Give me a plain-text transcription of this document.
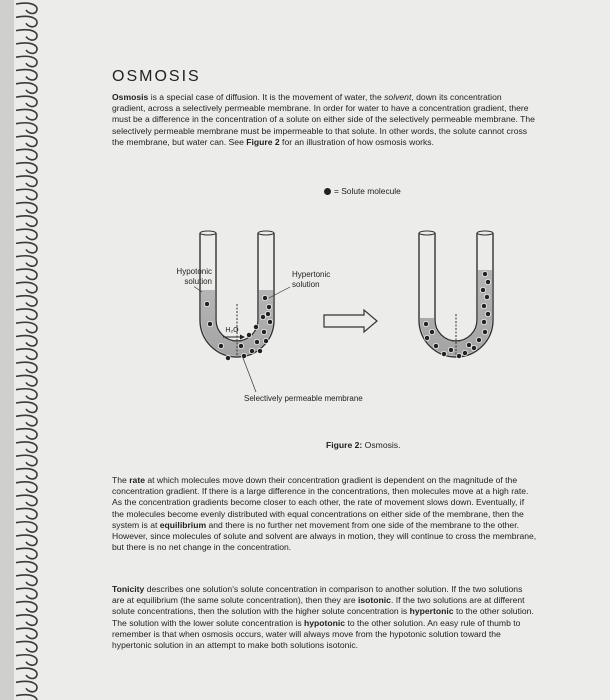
OSMOSIS
Osmosis is a special case of diffusion. It is the movement of water, the solvent, down its concentration gradient, across a selectively permeable membrane. In order for water to have a concentration gradient, there must be a difference in the concentration of a solute on either side of the selectively permeable membrane. The selectively permeable membrane must be impermeable to that solute. In other words, the solute cannot cross the membrane, but water can. See Figure 2 for an illustration of how osmosis works.
= Solute molecule
H₂O
Hypotonic
solution
Hypertonic
solution
Selectively permeable membrane
Figure 2: Osmosis.
The rate at which molecules move down their concentration gradient is dependent on the magnitude of the concentration gradient. If there is a large difference in the concentrations, then molecules move at a high rate. As the concentration gradients become closer to each other, the rate of movement slows down. Eventually, if the molecules become evenly distributed with equal concentrations on either side of the membrane, then the system is at equilibrium and there is no further net movement from one side of the membrane to the other. However, since molecules of solute and solvent are always in motion, they will continue to cross the membrane, but there is no net change in the concentration.
Tonicity describes one solution's solute concentration in comparison to another solution. If the two solutions are at equilibrium (the same solute concentration), then they are isotonic. If the two solutions are at different solute concentrations, then the solution with the higher solute concentration is hypertonic to the other solution. The solution with the lower solute concentration is hypotonic to the other solution. An easy rule of thumb to remember is that when osmosis occurs, water will always move from the hypotonic solution toward the hypertonic solution in an attempt to make both solutions isotonic.
